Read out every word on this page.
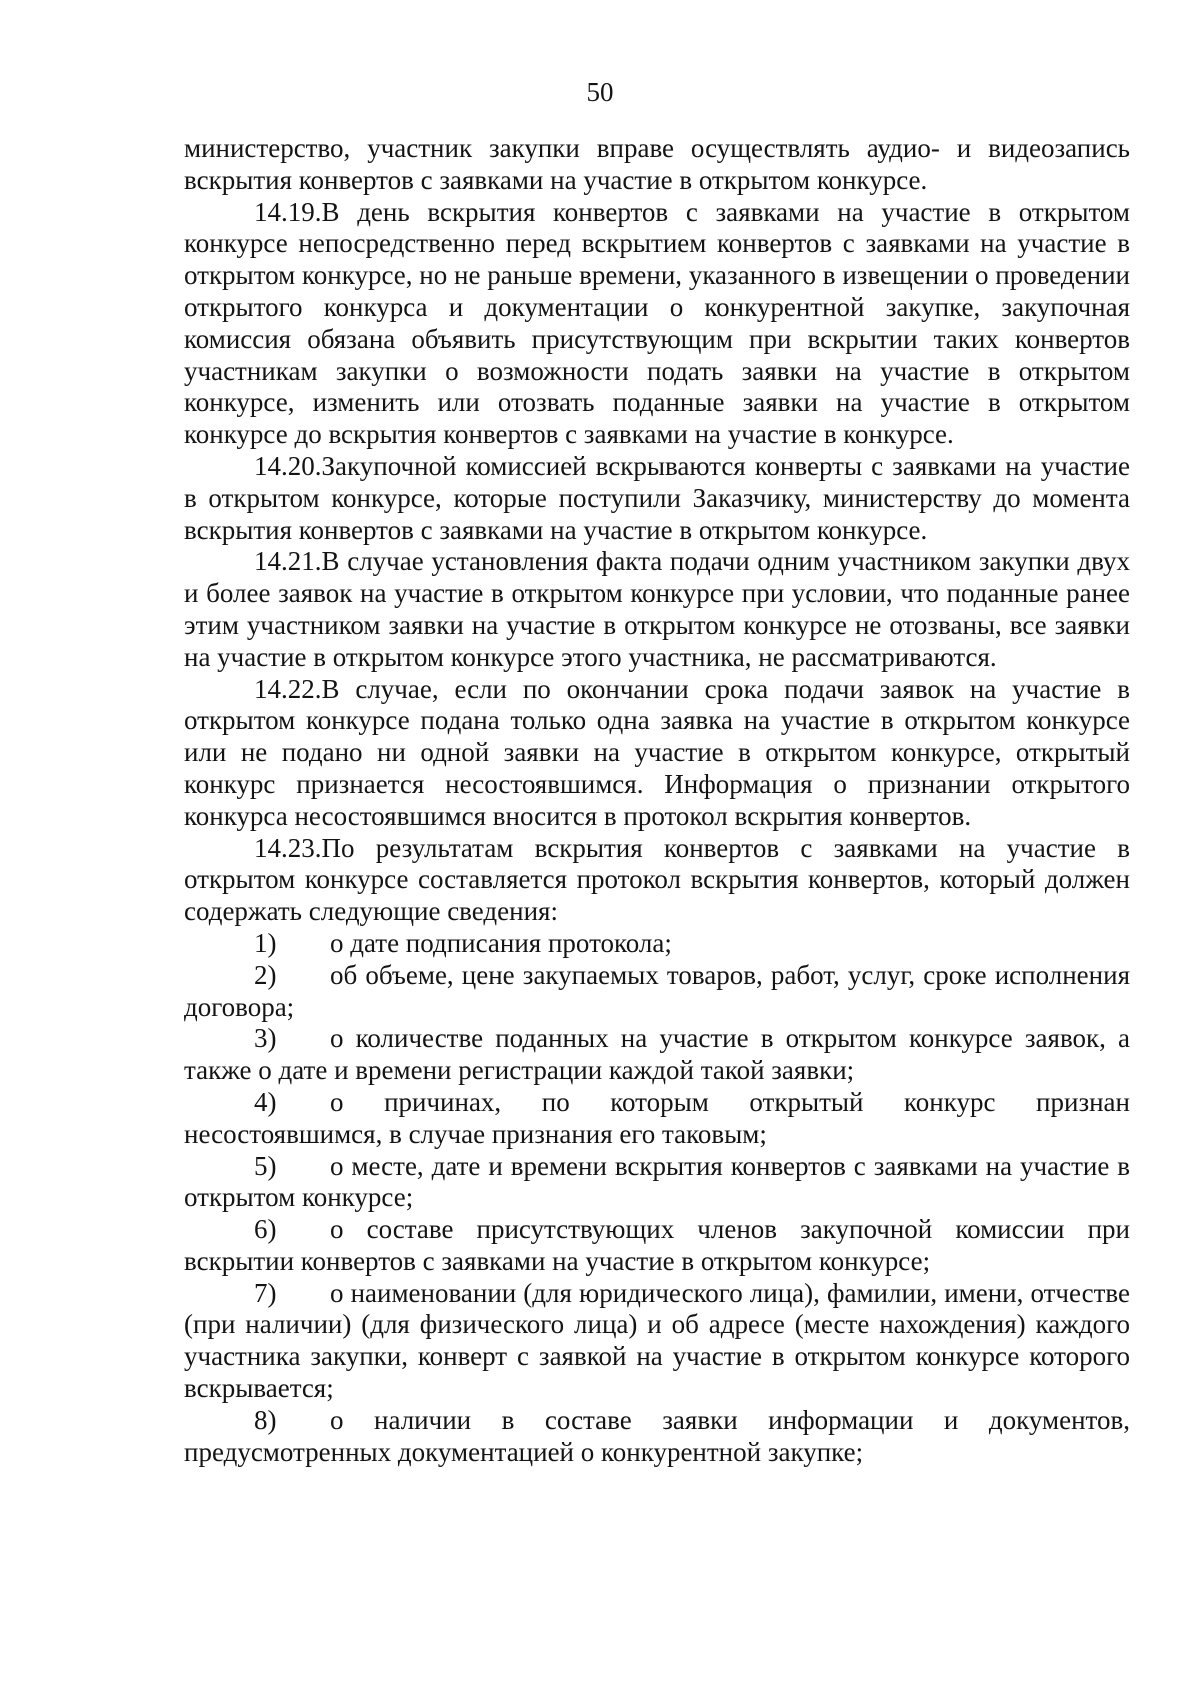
50

министерство, участник закупки вправе осуществлять аудио- и видеозапись вскрытия конвертов с заявками на участие в открытом конкурсе.

14.19.В день вскрытия конвертов с заявками на участие в открытом конкурсе непосредственно перед вскрытием конвертов с заявками на участие в открытом конкурсе, но не раньше времени, указанного в извещении о проведении открытого конкурса и документации о конкурентной закупке, закупочная комиссия обязана объявить присутствующим при вскрытии таких конвертов участникам закупки о возможности подать заявки на участие в открытом конкурсе, изменить или отозвать поданные заявки на участие в открытом конкурсе до вскрытия конвертов с заявками на участие в конкурсе.

14.20.Закупочной комиссией вскрываются конверты с заявками на участие в открытом конкурсе, которые поступили Заказчику, министерству до момента вскрытия конвертов с заявками на участие в открытом конкурсе.

14.21.В случае установления факта подачи одним участником закупки двух и более заявок на участие в открытом конкурсе при условии, что поданные ранее этим участником заявки на участие в открытом конкурсе не отозваны, все заявки на участие в открытом конкурсе этого участника, не рассматриваются.

14.22.В случае, если по окончании срока подачи заявок на участие в открытом конкурсе подана только одна заявка на участие в открытом конкурсе или не подано ни одной заявки на участие в открытом конкурсе, открытый конкурс признается несостоявшимся. Информация о признании открытого конкурса несостоявшимся вносится в протокол вскрытия конвертов.

14.23.По результатам вскрытия конвертов с заявками на участие в открытом конкурсе составляется протокол вскрытия конвертов, который должен содержать следующие сведения:

1) о дате подписания протокола;

2) об объеме, цене закупаемых товаров, работ, услуг, сроке исполнения договора;

3) о количестве поданных на участие в открытом конкурсе заявок, а также о дате и времени регистрации каждой такой заявки;

4) о причинах, по которым открытый конкурс признан несостоявшимся, в случае признания его таковым;

5) о месте, дате и времени вскрытия конвертов с заявками на участие в открытом конкурсе;

6) о составе присутствующих членов закупочной комиссии при вскрытии конвертов с заявками на участие в открытом конкурсе;

7) о наименовании (для юридического лица), фамилии, имени, отчестве (при наличии) (для физического лица) и об адресе (месте нахождения) каждого участника закупки, конверт с заявкой на участие в открытом конкурсе которого вскрывается;

8) о наличии в составе заявки информации и документов, предусмотренных документацией о конкурентной закупке;
